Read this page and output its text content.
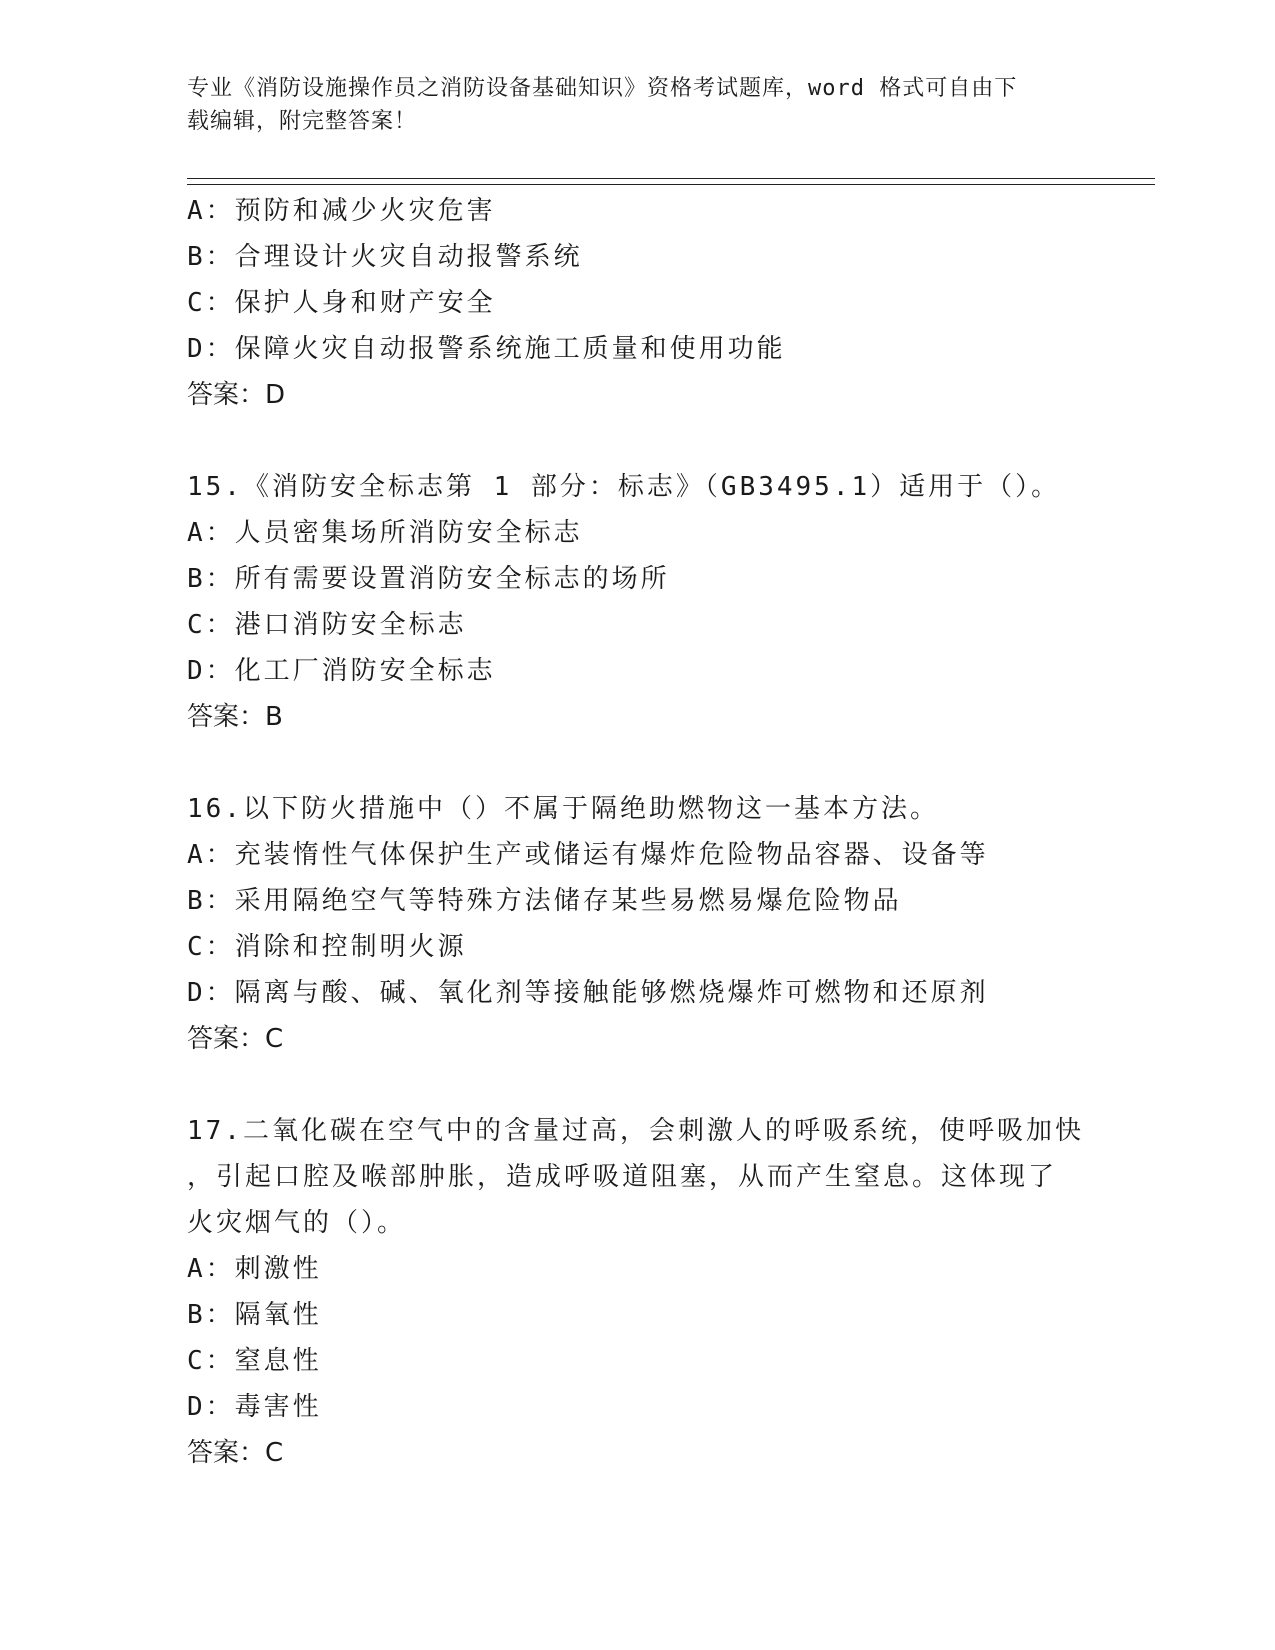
专业《消防设施操作员之消防设备基础知识》资格考试题库，word 格式可自由下
载编辑，附完整答案！
A：预防和减少火灾危害
B：合理设计火灾自动报警系统
C：保护人身和财产安全
D：保障火灾自动报警系统施工质量和使用功能
答案：D
15.《消防安全标志第 1 部分：标志》（GB3495.1）适用于（）。
A：人员密集场所消防安全标志
B：所有需要设置消防安全标志的场所
C：港口消防安全标志
D：化工厂消防安全标志
答案：B
16.以下防火措施中（）不属于隔绝助燃物这一基本方法。
A：充装惰性气体保护生产或储运有爆炸危险物品容器、设备等
B：采用隔绝空气等特殊方法储存某些易燃易爆危险物品
C：消除和控制明火源
D：隔离与酸、碱、氧化剂等接触能够燃烧爆炸可燃物和还原剂
答案：C
17.二氧化碳在空气中的含量过高，会刺激人的呼吸系统，使呼吸加快
，引起口腔及喉部肿胀，造成呼吸道阻塞，从而产生窒息。这体现了
火灾烟气的（）。
A：刺激性
B：隔氧性
C：窒息性
D：毒害性
答案：C
